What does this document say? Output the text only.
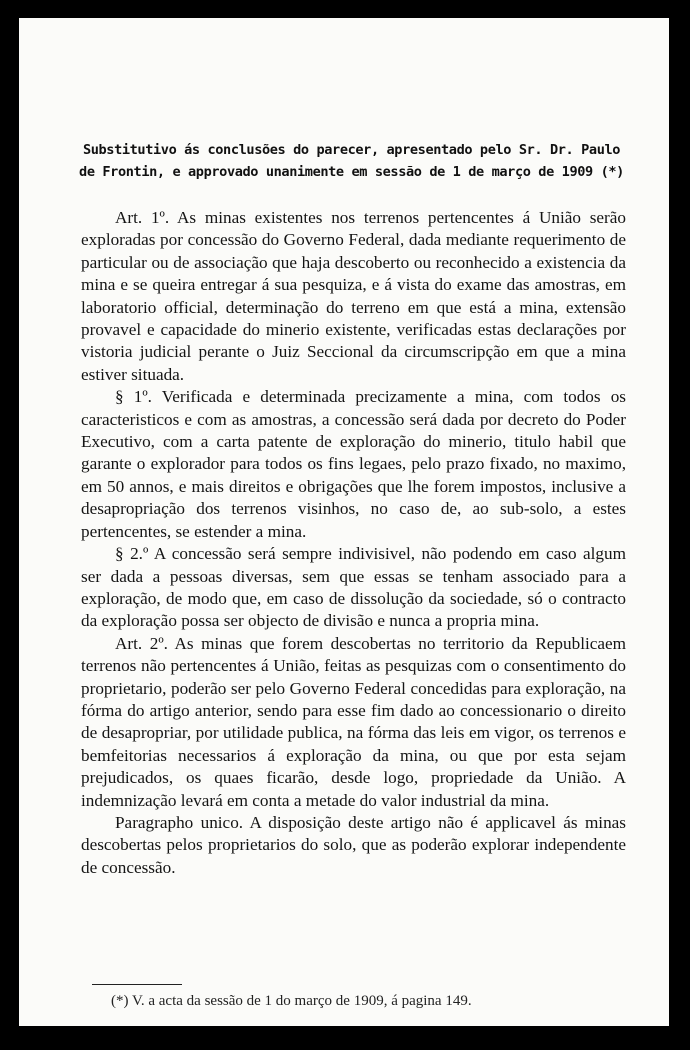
Substitutivo ás conclusões do parecer, apresentado pelo Sr. Dr. Paulo de Frontin, e approvado unanimente em sessão de 1 de março de 1909 (*)

Art. 1º. As minas existentes nos terrenos pertencentes á União serão exploradas por concessão do Governo Federal, dada mediante requerimento de particular ou de associação que haja descoberto ou reconhecido a existencia da mina e se queira entregar á sua pesquiza, e á vista do exame das amostras, em laboratorio official, determinação do terreno em que está a mina, extensão provavel e capacidade do minerio existente, verificadas estas declarações por vistoria judicial perante o Juiz Seccional da circumscripção em que a mina estiver situada.

§ 1º. Verificada e determinada precizamente a mina, com todos os caracteristicos e com as amostras, a concessão será dada por decreto do Poder Executivo, com a carta patente de exploração do minerio, titulo habil que garante o explorador para todos os fins legaes, pelo prazo fixado, no maximo, em 50 annos, e mais direitos e obrigações que lhe forem impostos, inclusive a desapropriação dos terrenos visinhos, no caso de, ao sub-solo, a estes pertencentes, se estender a mina.

§ 2.º A concessão será sempre indivisivel, não podendo em caso algum ser dada a pessoas diversas, sem que essas se tenham associado para a exploração, de modo que, em caso de dissolução da sociedade, só o contracto da exploração possa ser objecto de divisão e nunca a propria mina.

Art. 2º. As minas que forem descobertas no territorio da Republicaem terrenos não pertencentes á União, feitas as pesquizas com o consentimento do proprietario, poderão ser pelo Governo Federal concedidas para exploração, na fórma do artigo anterior, sendo para esse fim dado ao concessionario o direito de desapropriar, por utilidade publica, na fórma das leis em vigor, os terrenos e bemfeitorias necessarios á exploração da mina, ou que por esta sejam prejudicados, os quaes ficarão, desde logo, propriedade da União. A indemnização levará em conta a metade do valor industrial da mina.

Paragrapho unico. A disposição deste artigo não é applicavel ás minas descobertas pelos proprietarios do solo, que as poderão explorar independente de concessão.

(*) V. a acta da sessão de 1 do março de 1909, á pagina 149.
